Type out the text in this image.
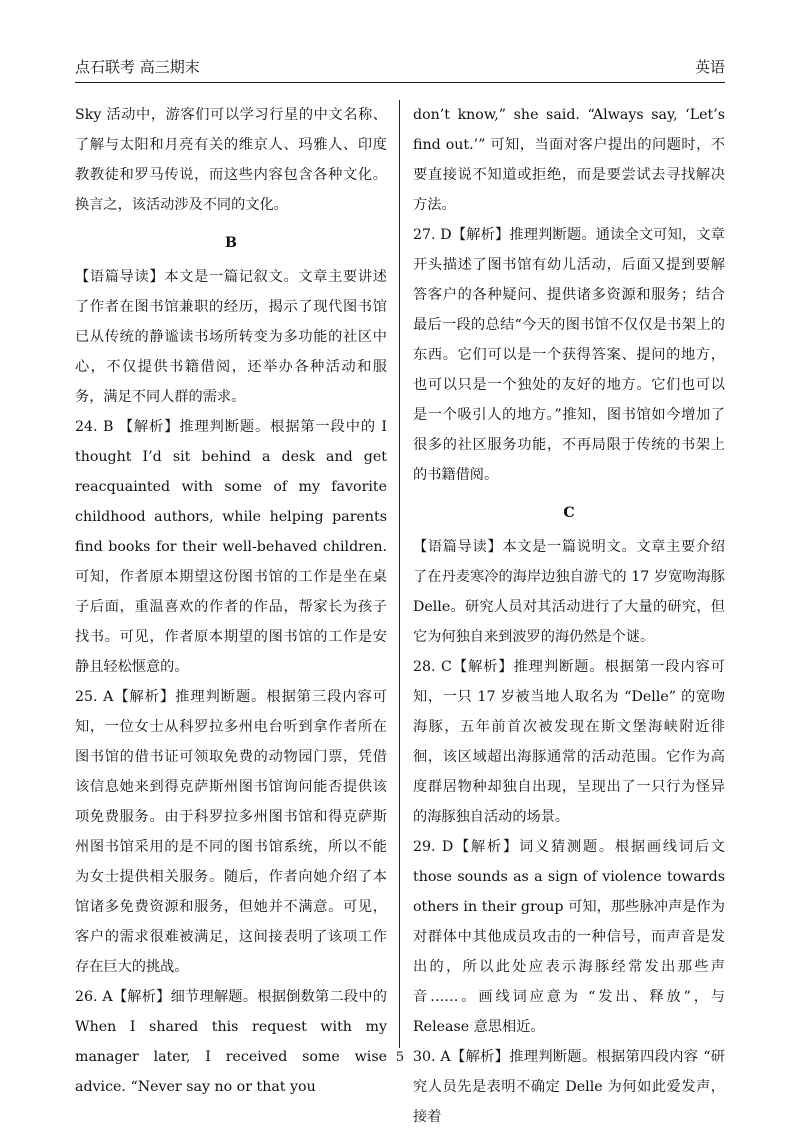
点石联考 高三期末	英语

Sky 活动中，游客们可以学习行星的中文名称、了解与太阳和月亮有关的维京人、玛雅人、印度教教徒和罗马传说，而这些内容包含各种文化。换言之，该活动涉及不同的文化。

B

【语篇导读】本文是一篇记叙文。文章主要讲述了作者在图书馆兼职的经历，揭示了现代图书馆已从传统的静谧读书场所转变为多功能的社区中心，不仅提供书籍借阅，还举办各种活动和服务，满足不同人群的需求。

24. B 【解析】推理判断题。根据第一段中的 I thought I’d sit behind a desk and get reacquainted with some of my favorite childhood authors, while helping parents find books for their well-behaved children.可知，作者原本期望这份图书馆的工作是坐在桌子后面，重温喜欢的作者的作品，帮家长为孩子找书。可见，作者原本期望的图书馆的工作是安静且轻松惬意的。

25. A【解析】推理判断题。根据第三段内容可知，一位女士从科罗拉多州电台听到拿作者所在图书馆的借书证可领取免费的动物园门票，凭借该信息她来到得克萨斯州图书馆询问能否提供该项免费服务。由于科罗拉多州图书馆和得克萨斯州图书馆采用的是不同的图书馆系统，所以不能为女士提供相关服务。随后，作者向她介绍了本馆诸多免费资源和服务，但她并不满意。可见，客户的需求很难被满足，这间接表明了该项工作存在巨大的挑战。

26. A【解析】细节理解题。根据倒数第二段中的 When I shared this request with my manager later, I received some wise advice. “Never say no or that you

don’t know,” she said. “Always say, ‘Let’s find out.’” 可知，当面对客户提出的问题时，不要直接说不知道或拒绝，而是要尝试去寻找解决方法。

27. D【解析】推理判断题。通读全文可知，文章开头描述了图书馆有幼儿活动，后面又提到要解答客户的各种疑问、提供诸多资源和服务；结合最后一段的总结“今天的图书馆不仅仅是书架上的东西。它们可以是一个获得答案、提问的地方，也可以只是一个独处的友好的地方。它们也可以是一个吸引人的地方。”推知，图书馆如今增加了很多的社区服务功能，不再局限于传统的书架上的书籍借阅。

C

【语篇导读】本文是一篇说明文。文章主要介绍了在丹麦寒冷的海岸边独自游弋的 17 岁宽吻海豚 Delle。研究人员对其活动进行了大量的研究，但它为何独自来到波罗的海仍然是个谜。

28. C【解析】推理判断题。根据第一段内容可知，一只 17 岁被当地人取名为 “Delle” 的宽吻海豚，五年前首次被发现在斯文堡海峡附近徘徊，该区域超出海豚通常的活动范围。它作为高度群居物种却独自出现，呈现出了一只行为怪异的海豚独自活动的场景。

29. D【解析】词义猜测题。根据画线词后文 those sounds as a sign of violence towards others in their group 可知，那些脉冲声是作为对群体中其他成员攻击的一种信号，而声音是发出的，所以此处应表示海豚经常发出那些声音……。画线词应意为 “发出、释放”，与 Release 意思相近。

30. A【解析】推理判断题。根据第四段内容 “研究人员先是表明不确定 Delle 为何如此爱发声，接着

5
